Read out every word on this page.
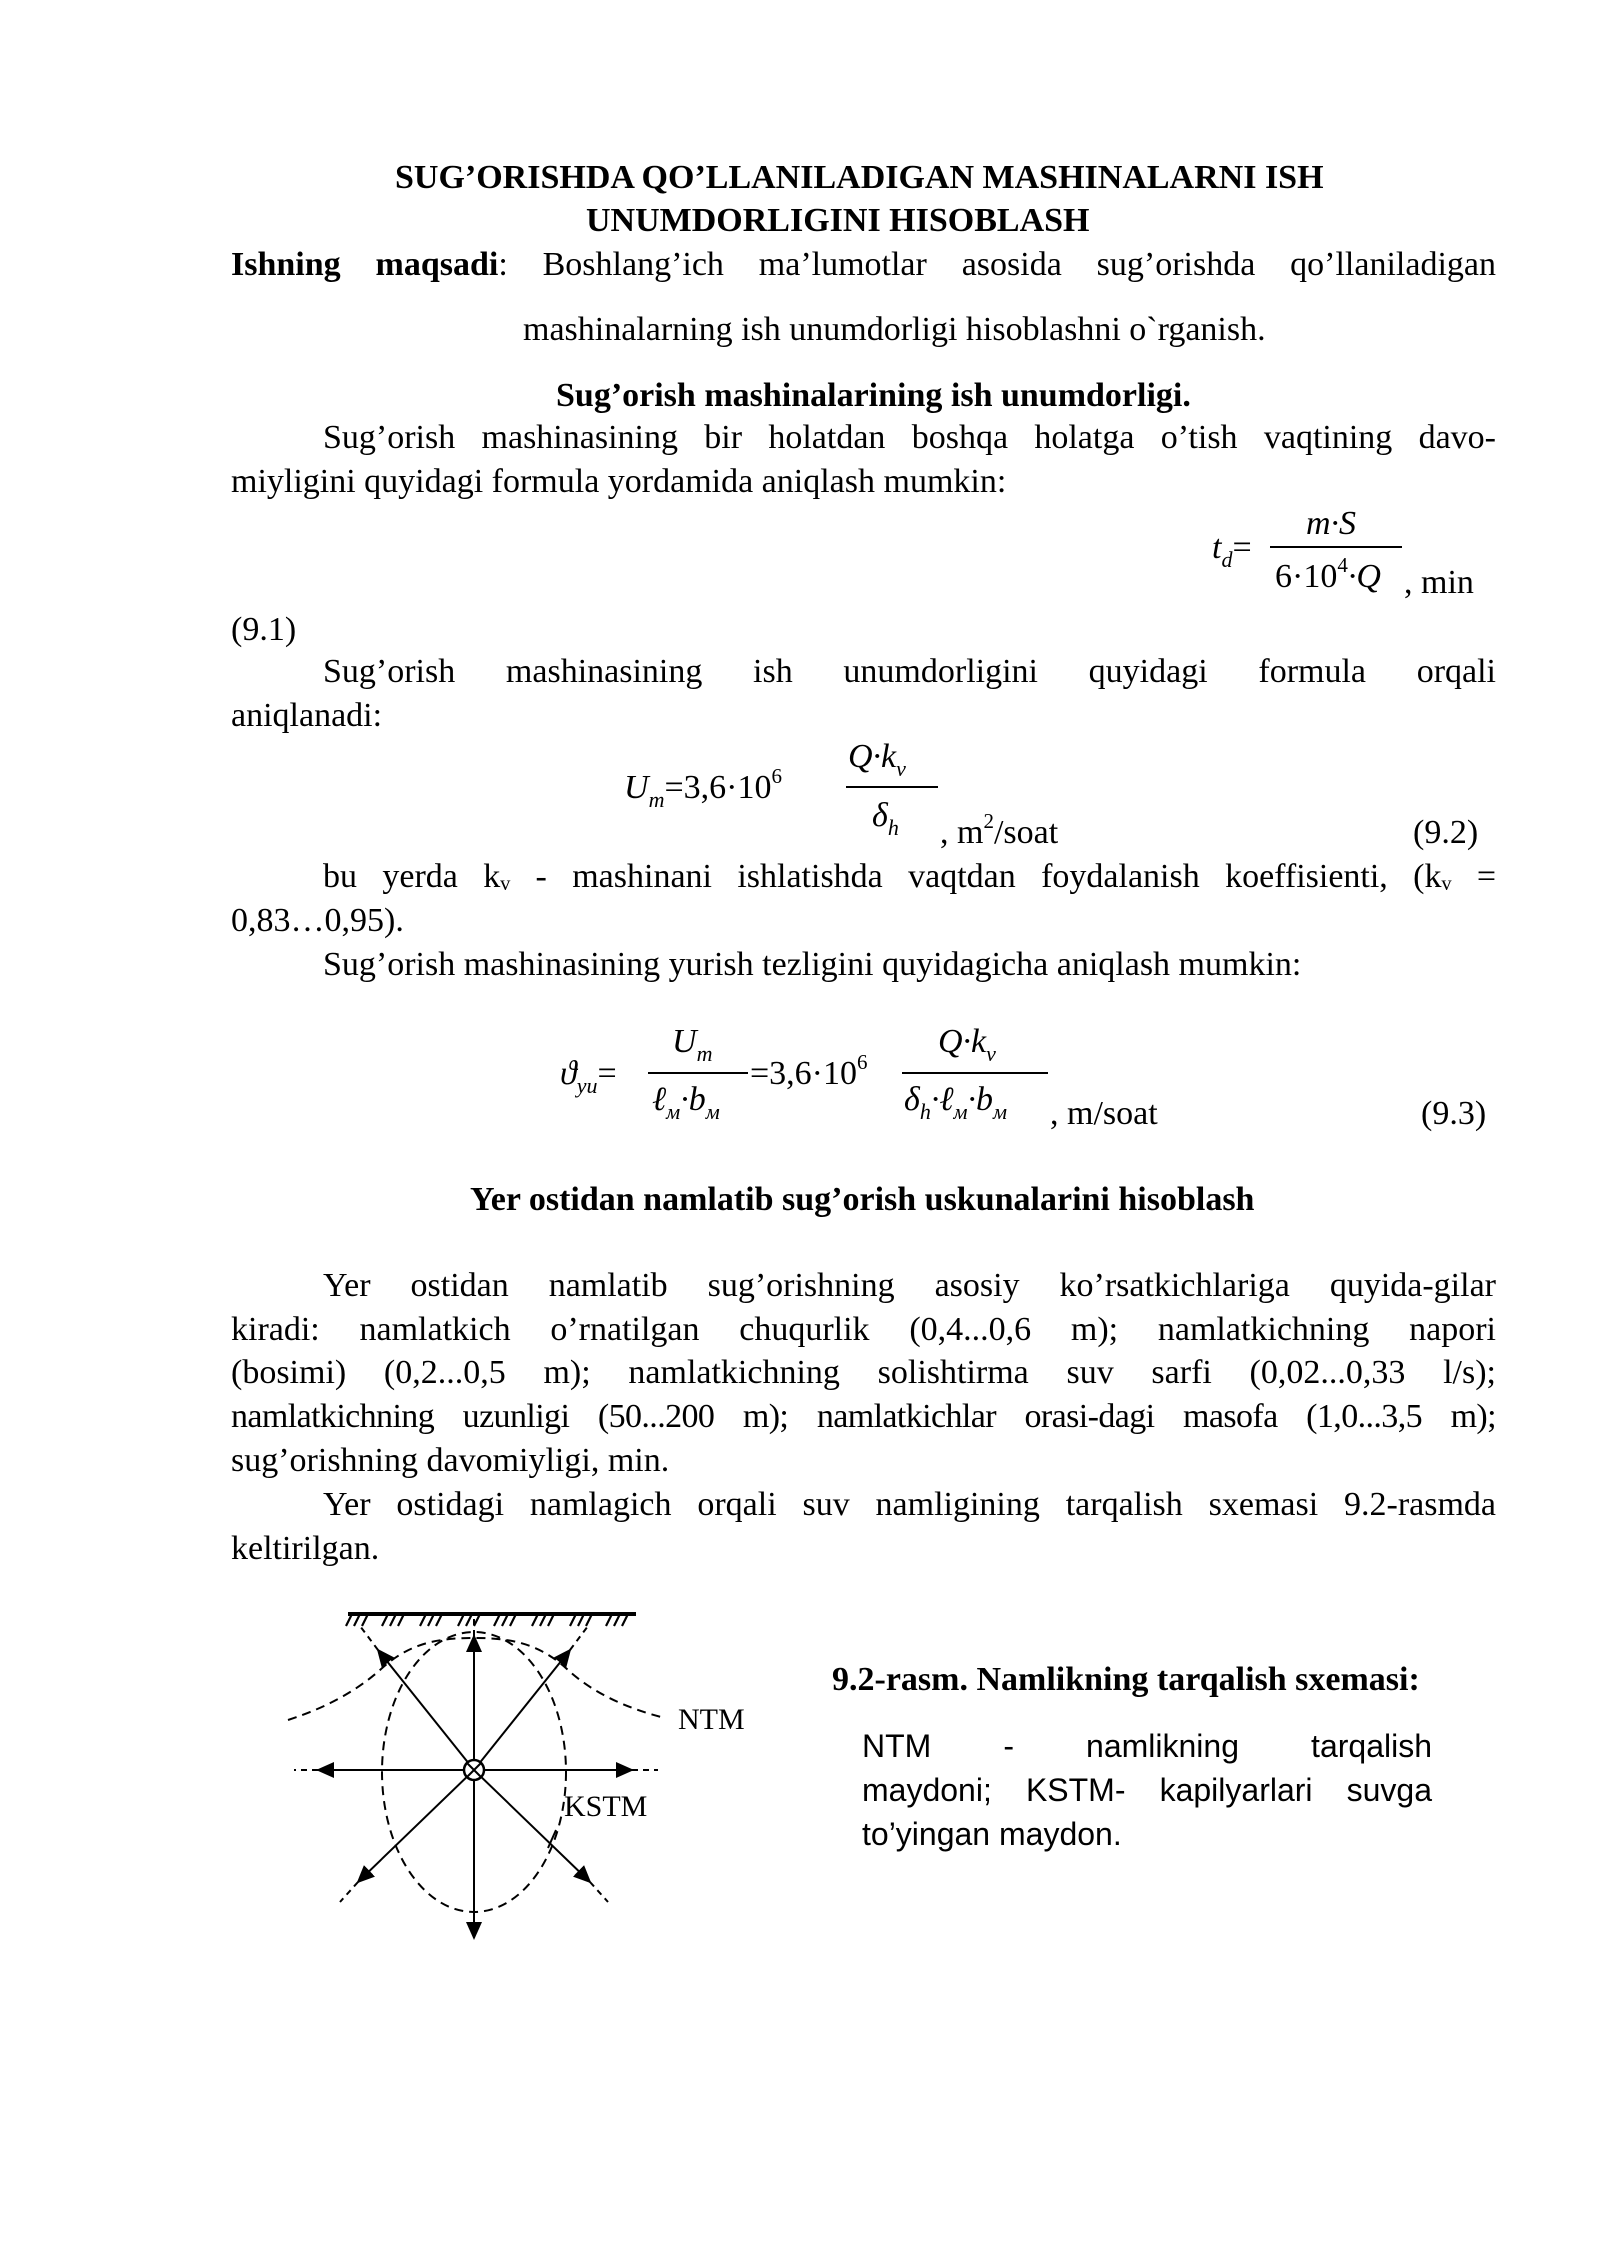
SUG’ORISHDA QO’LLANILADIGAN MASHINALARNI ISH
UNUMDORLIGINI HISOBLASH
Ishning maqsadi: Boshlang’ich ma’lumotlar asosida sug’orishda qo’llaniladigan
mashinalarning ish unumdorligi hisoblashni o`rganish.
Sug’orish mashinalarining ish unumdorligi.
Sug’orish mashinasining bir holatdan boshqa holatga o’tish vaqtining davo-
miyligini quyidagi formula yordamida aniqlash mumkin:
$t_d=$
m·S
$6\cdot 10^4\cdot Q$ , min
(9.1)
Sug’orish mashinasining ish unumdorligini quyidagi formula orqali
aniqlanadi:
$U_m=3,6\cdot 10^6$
$Q\cdot k_v$
$\delta_h$ , $m^2$/soat	(9.2)
bu yerda kᵥ - mashinani ishlatishda vaqtdan foydalanish koeffisienti, (kᵥ =
0,83…0,95).
Sug’orish mashinasining yurish tezligini quyidagicha aniqlash mumkin:
$ϑ_{yu}=$
$U_m$
$\ell_м\cdot b_м$
$=3,6\cdot 10^6$
$Q\cdot k_v$
$\delta_h\cdot\ell_м\cdot b_м$ , m/soat	(9.3)
Yer ostidan namlatib sug’orish uskunalarini hisoblash
Yer ostidan namlatib sug’orishning asosiy ko’rsatkichlariga quyida-gilar
kiradi: namlatkich o’rnatilgan chuqurlik (0,4...0,6 m); namlatkichning napori
(bosimi) (0,2...0,5 m); namlatkichning solishtirma suv sarfi (0,02...0,33 l/s);
namlatkichning uzunligi (50...200 m); namlatkichlar orasi-dagi masofa (1,0...3,5 m);
sug’orishning davomiyligi, min.
Yer ostidagi namlagich orqali suv namligining tarqalish sxemasi 9.2-rasmda
keltirilgan.
NTM
KSTM
9.2-rasm. Namlikning tarqalish sxemasi:
NTM - namlikning tarqalish
maydoni; KSTM- kapilyarlari suvga
to’yingan maydon.
